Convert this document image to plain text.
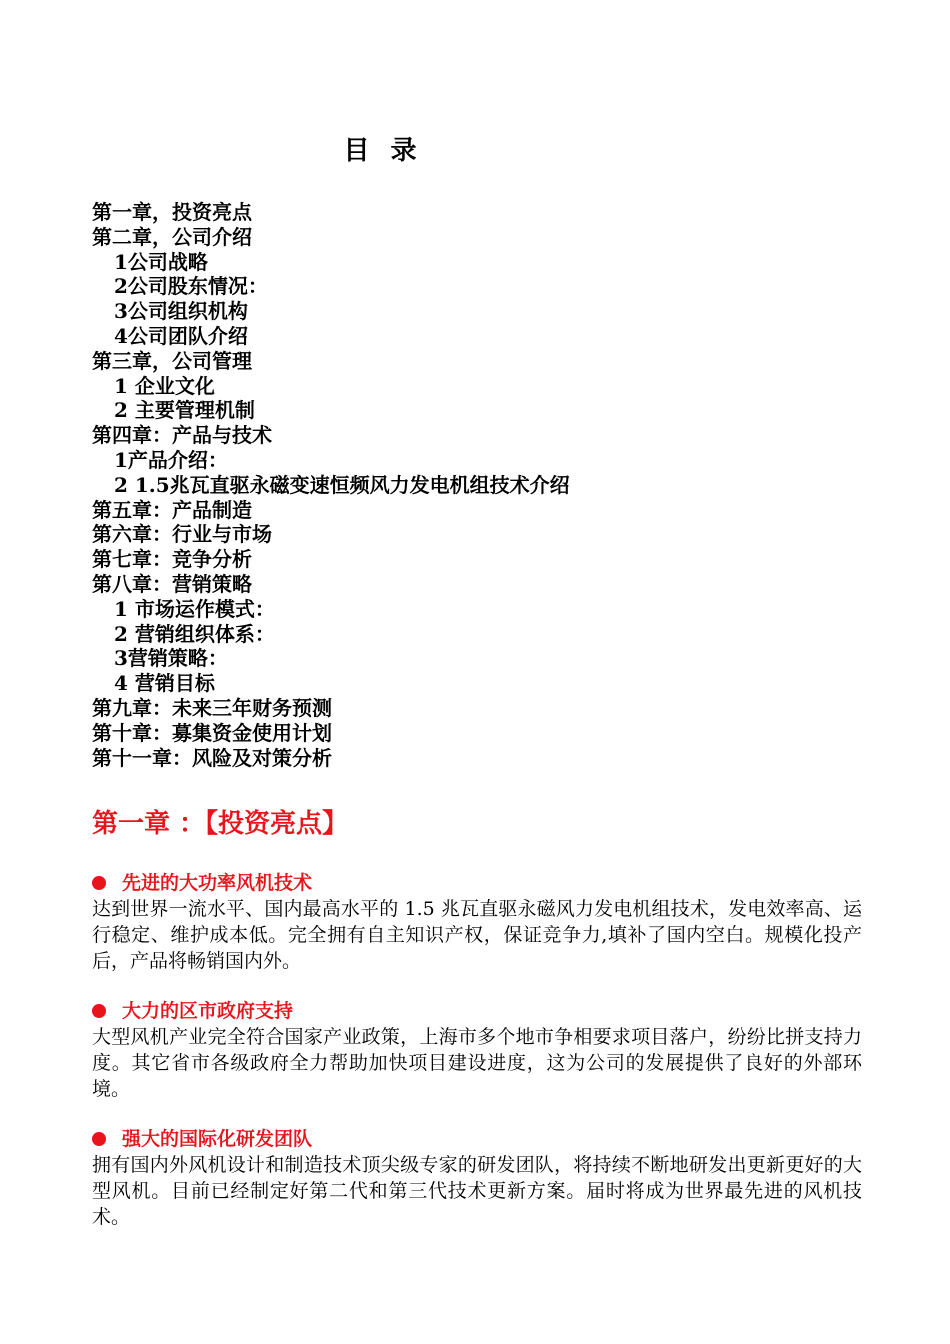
目 录
第一章，投资亮点
第二章，公司介绍
1公司战略
2公司股东情况：
3公司组织机构
4公司团队介绍
第三章，公司管理
1 企业文化
2 主要管理机制
第四章：产品与技术
1产品介绍：
2 1.5兆瓦直驱永磁变速恒频风力发电机组技术介绍
第五章：产品制造
第六章：行业与市场
第七章：竞争分析
第八章：营销策略
1 市场运作模式：
2 营销组织体系：
3营销策略：
4 营销目标
第九章：未来三年财务预测
第十章：募集资金使用计划
第十一章：风险及对策分析
第一章 ：【投资亮点】
先进的大功率风机技术
达到世界一流水平、国内最高水平的 1.5 兆瓦直驱永磁风力发电机组技术，发电效率高、运行稳定、维护成本低。完全拥有自主知识产权，保证竞争力,填补了国内空白。规模化投产后，产品将畅销国内外。
大力的区市政府支持
大型风机产业完全符合国家产业政策，上海市多个地市争相要求项目落户，纷纷比拼支持力度。其它省市各级政府全力帮助加快项目建设进度，这为公司的发展提供了良好的外部环境。
强大的国际化研发团队
拥有国内外风机设计和制造技术顶尖级专家的研发团队，将持续不断地研发出更新更好的大型风机。目前已经制定好第二代和第三代技术更新方案。届时将成为世界最先进的风机技术。
